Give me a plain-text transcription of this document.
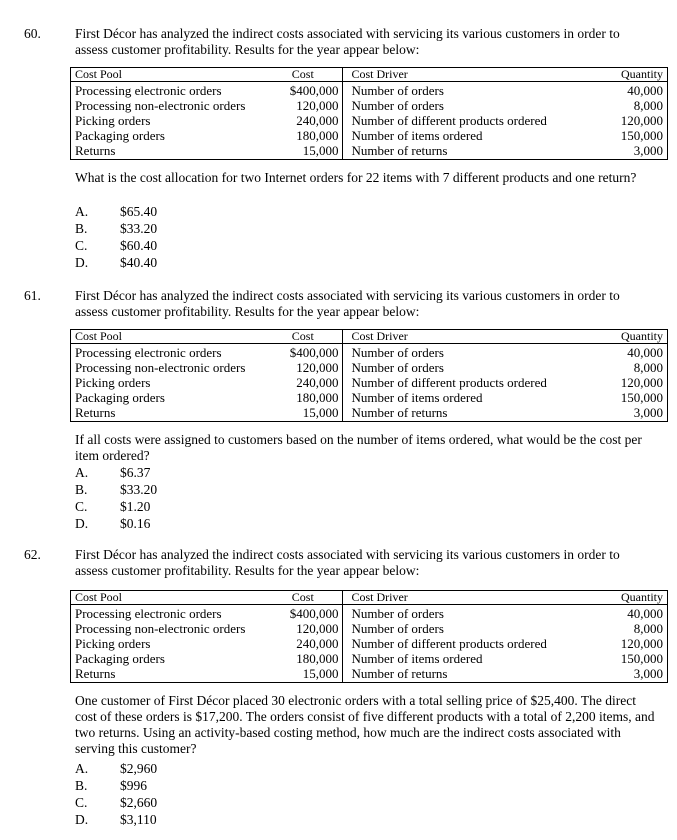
60.	First Décor has analyzed the indirect costs associated with servicing its various customers in order to assess customer profitability. Results for the year appear below:
Cost Pool	Cost	Cost Driver	Quantity
Processing electronic orders	$400,000	Number of orders	40,000
Processing non-electronic orders	120,000	Number of orders	8,000
Picking orders	240,000	Number of different products ordered	120,000
Packaging orders	180,000	Number of items ordered	150,000
Returns	15,000	Number of returns	3,000
What is the cost allocation for two Internet orders for 22 items with 7 different products and one return?
A. $65.40
B. $33.20
C. $60.40
D. $40.40
61.	First Décor has analyzed the indirect costs associated with servicing its various customers in order to assess customer profitability. Results for the year appear below:
Cost Pool	Cost	Cost Driver	Quantity
Processing electronic orders	$400,000	Number of orders	40,000
Processing non-electronic orders	120,000	Number of orders	8,000
Picking orders	240,000	Number of different products ordered	120,000
Packaging orders	180,000	Number of items ordered	150,000
Returns	15,000	Number of returns	3,000
If all costs were assigned to customers based on the number of items ordered, what would be the cost per item ordered?
A. $6.37
B. $33.20
C. $1.20
D. $0.16
62.	First Décor has analyzed the indirect costs associated with servicing its various customers in order to assess customer profitability. Results for the year appear below:
Cost Pool	Cost	Cost Driver	Quantity
Processing electronic orders	$400,000	Number of orders	40,000
Processing non-electronic orders	120,000	Number of orders	8,000
Picking orders	240,000	Number of different products ordered	120,000
Packaging orders	180,000	Number of items ordered	150,000
Returns	15,000	Number of returns	3,000
One customer of First Décor placed 30 electronic orders with a total selling price of $25,400. The direct cost of these orders is $17,200. The orders consist of five different products with a total of 2,200 items, and two returns. Using an activity-based costing method, how much are the indirect costs associated with serving this customer?
A. $2,960
B. $996
C. $2,660
D. $3,110
